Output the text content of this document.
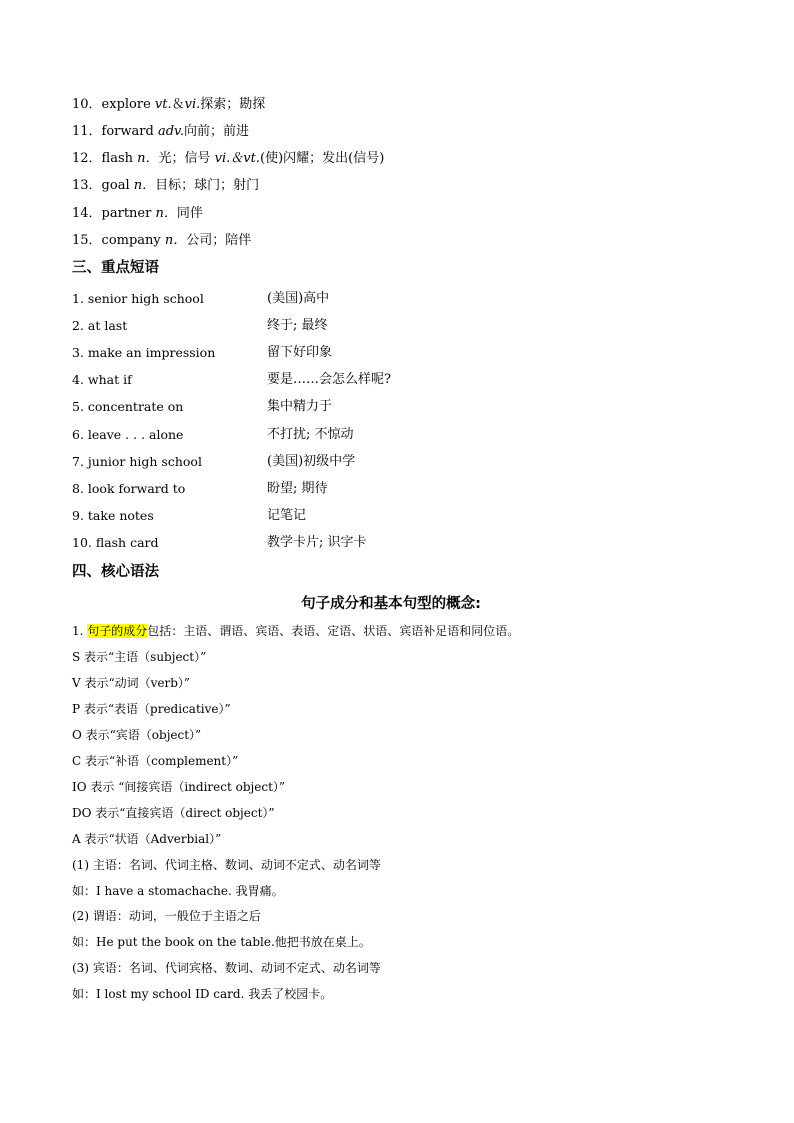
10．explore vt.＆vi.探索；勘探
11．forward adv.向前；前进
12．flash n．光；信号 vi.＆vt.(使)闪耀；发出(信号)
13．goal n．目标；球门；射门
14．partner n．同伴
15．company n．公司；陪伴
三、重点短语
1. senior high school	(美国)高中
2. at last	终于; 最终
3. make an impression	留下好印象
4. what if	要是……会怎么样呢?
5. concentrate on	集中精力于
6. leave . . . alone	不打扰; 不惊动
7. junior high school	(美国)初级中学
8. look forward to	盼望; 期待
9. take notes	记笔记
10. flash card	教学卡片; 识字卡
四、核心语法
句子成分和基本句型的概念:
1. 句子的成分包括：主语、谓语、宾语、表语、定语、状语、宾语补足语和同位语。
S 表示“主语（subject）”
V 表示“动词（verb）”
P 表示“表语（predicative）”
O 表示“宾语（object）”
C 表示“补语（complement）”
IO 表示 “间接宾语（indirect object）”
DO 表示“直接宾语（direct object）”
A 表示“状语（Adverbial）”
(1) 主语：名词、代词主格、数词、动词不定式、动名词等
如：I have a stomachache. 我胃痛。
(2) 谓语：动词，一般位于主语之后
如：He put the book on the table.他把书放在桌上。
(3) 宾语：名词、代词宾格、数词、动词不定式、动名词等
如：I lost my school ID card. 我丢了校园卡。
